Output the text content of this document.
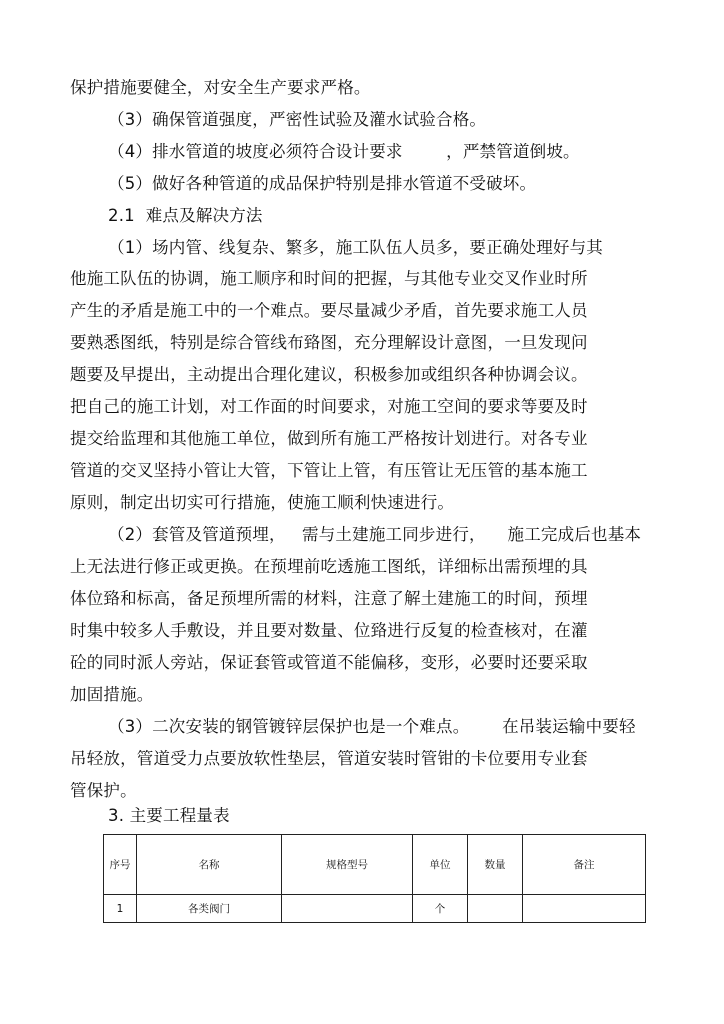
保护措施要健全，对安全生产要求严格。
（3）确保管道强度，严密性试验及灌水试验合格。
（4）排水管道的坡度必须符合设计要求        ，严禁管道倒坡。
（5）做好各种管道的成品保护特别是排水管道不受破坏。
2.1  难点及解决方法
（1）场内管、线复杂、繁多，施工队伍人员多，要正确处理好与其
他施工队伍的协调，施工顺序和时间的把握，与其他专业交叉作业时所
产生的矛盾是施工中的一个难点。要尽量减少矛盾，首先要求施工人员
要熟悉图纸，特别是综合管线布臵图，充分理解设计意图，一旦发现问
题要及早提出，主动提出合理化建议，积极参加或组织各种协调会议。
把自己的施工计划，对工作面的时间要求，对施工空间的要求等要及时
提交给监理和其他施工单位，做到所有施工严格按计划进行。对各专业
管道的交叉坚持小管让大管，下管让上管，有压管让无压管的基本施工
原则，制定出切实可行措施，使施工顺利快速进行。
（2）套管及管道预埋，   需与土建施工同步进行，    施工完成后也基本
上无法进行修正或更换。在预埋前吃透施工图纸，详细标出需预埋的具
体位臵和标高，备足预埋所需的材料，注意了解土建施工的时间，预埋
时集中较多人手敷设，并且要对数量、位臵进行反复的检查核对，在灌
砼的同时派人旁站，保证套管或管道不能偏移，变形，必要时还要采取
加固措施。
（3）二次安装的钢管镀锌层保护也是一个难点。      在吊装运输中要轻
吊轻放，管道受力点要放软性垫层，管道安装时管钳的卡位要用专业套
管保护。
3. 主要工程量表
序号	名称	规格型号	单位	数量	备注
1	各类阀门		个		
